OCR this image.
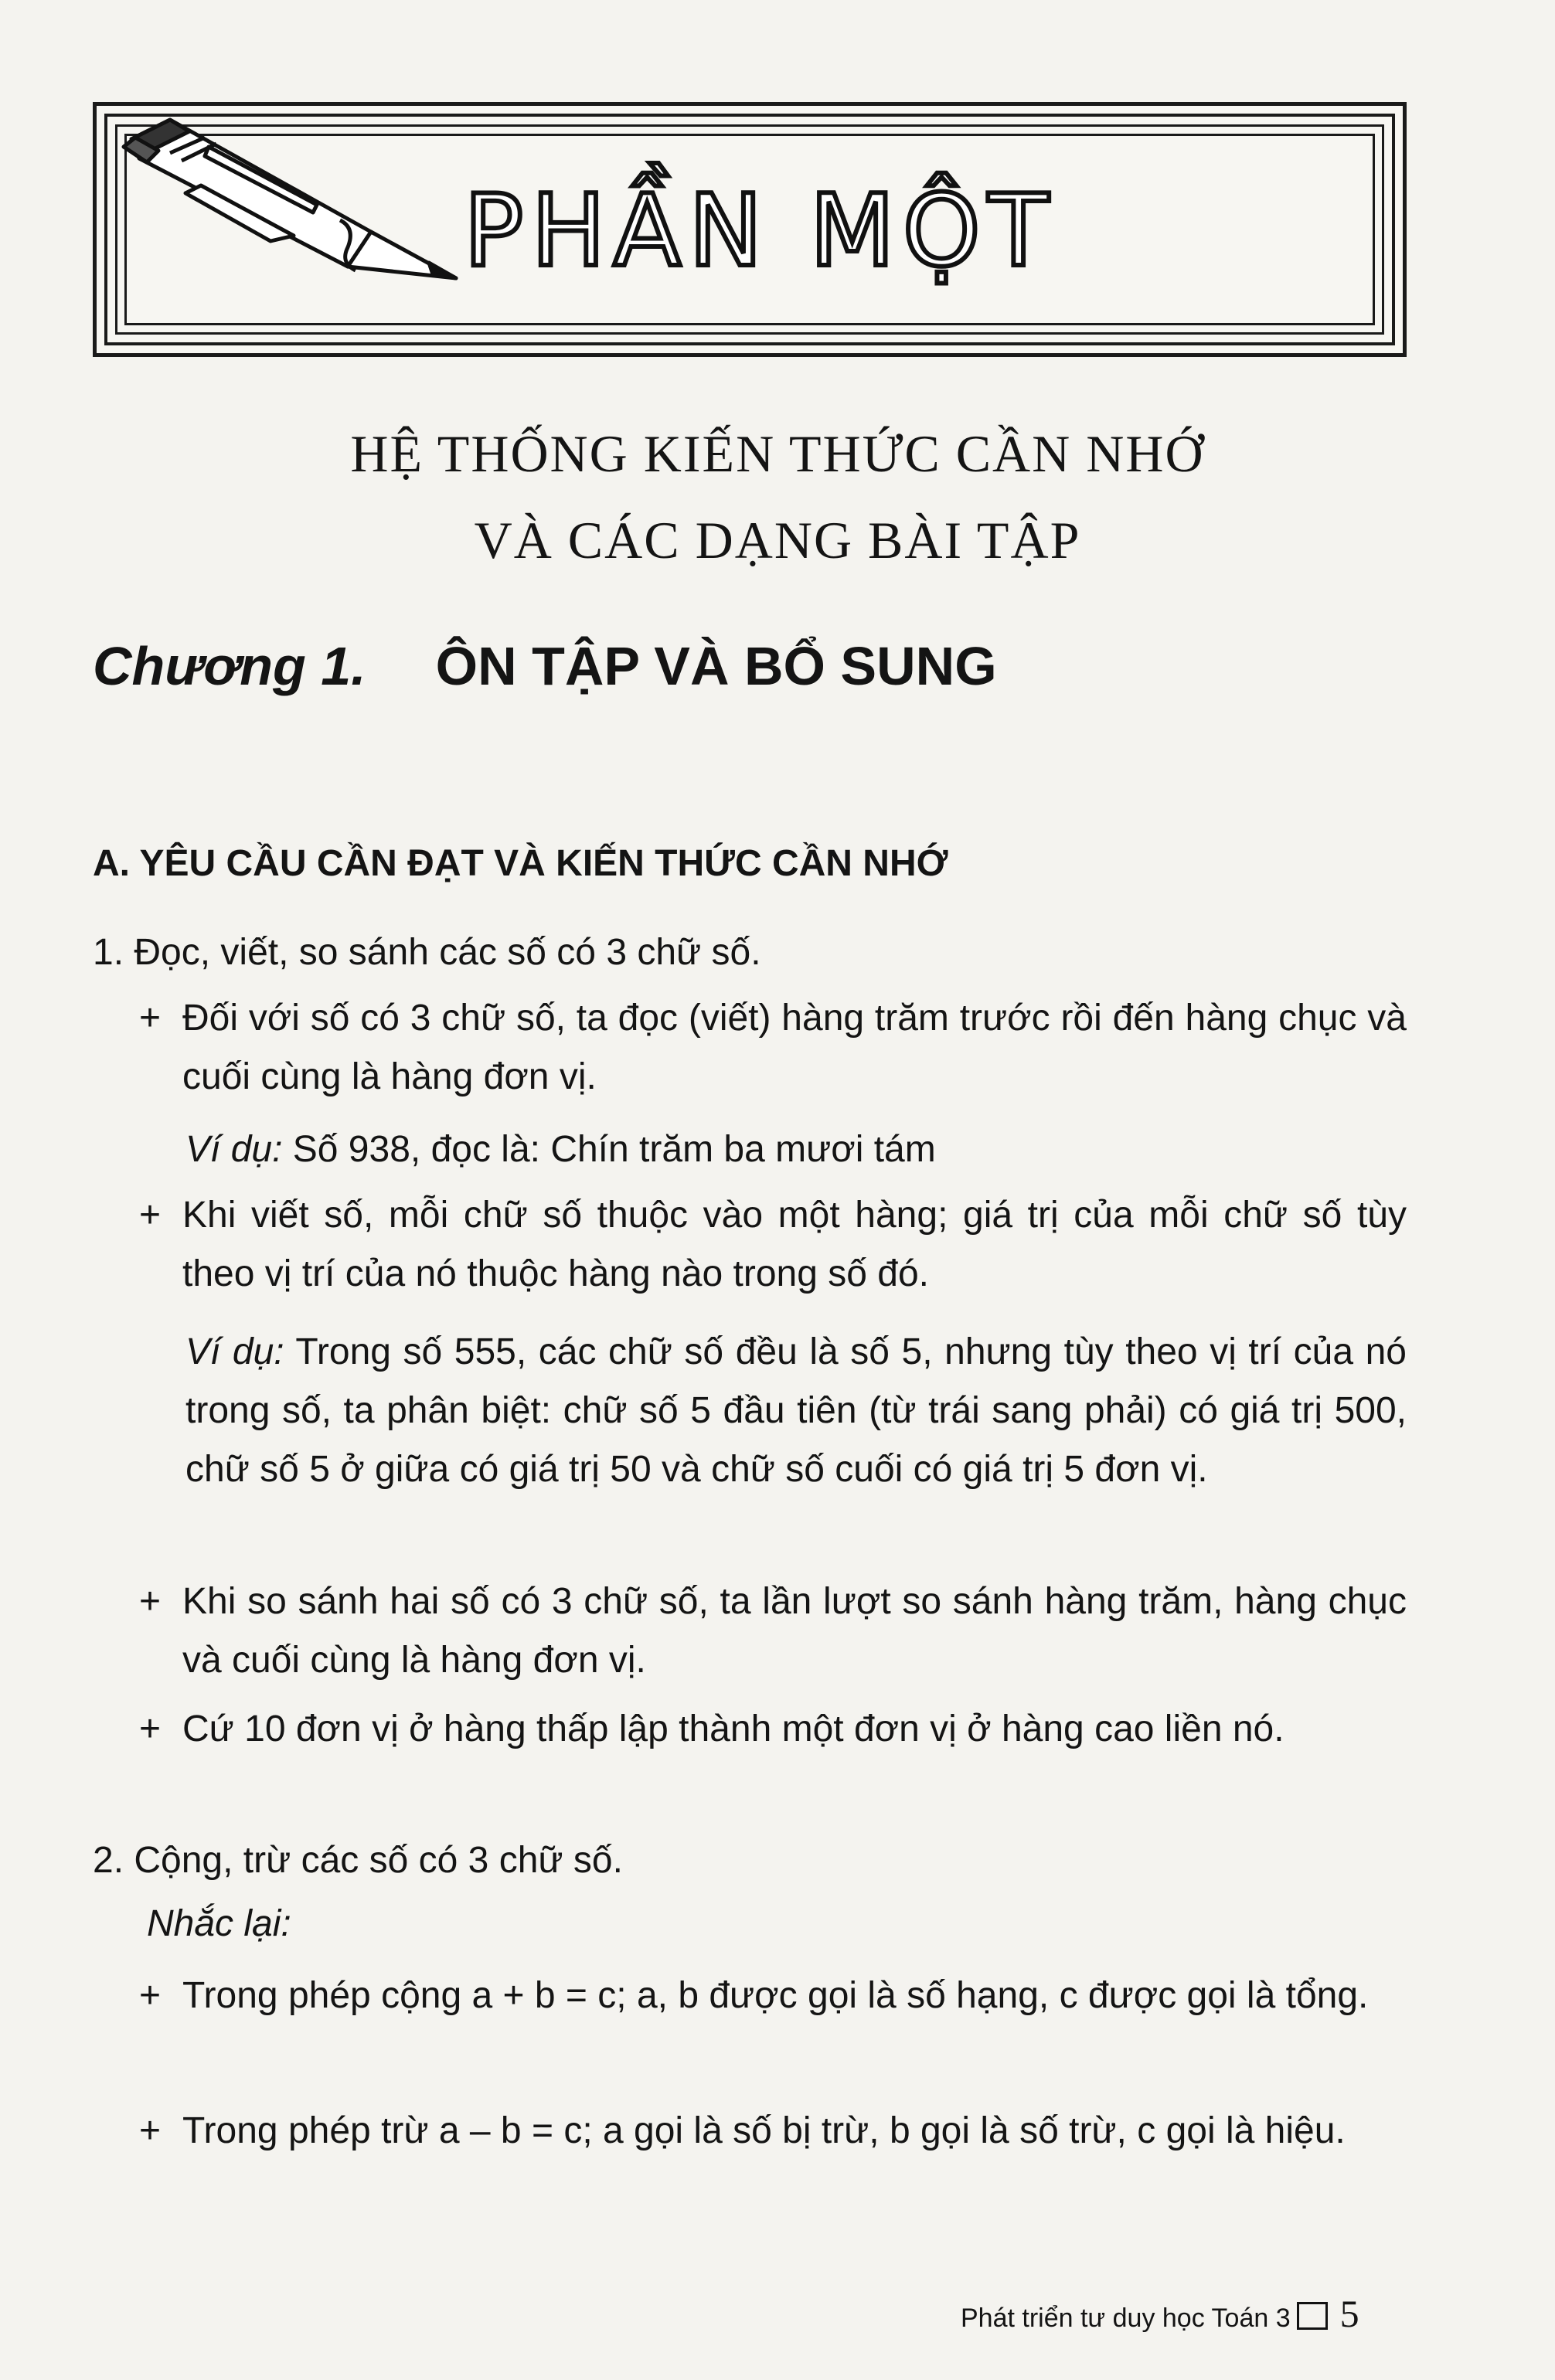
PHẦN MỘT
HỆ THỐNG KIẾN THỨC CẦN NHỚ
VÀ CÁC DẠNG BÀI TẬP
Chương 1. ÔN TẬP VÀ BỔ SUNG
A. YÊU CẦU CẦN ĐẠT VÀ KIẾN THỨC CẦN NHỚ
1. Đọc, viết, so sánh các số có 3 chữ số.
+ Đối với số có 3 chữ số, ta đọc (viết) hàng trăm trước rồi đến hàng chục và cuối cùng là hàng đơn vị.
Ví dụ: Số 938, đọc là: Chín trăm ba mươi tám
+ Khi viết số, mỗi chữ số thuộc vào một hàng; giá trị của mỗi chữ số tùy theo vị trí của nó thuộc hàng nào trong số đó.
Ví dụ: Trong số 555, các chữ số đều là số 5, nhưng tùy theo vị trí của nó trong số, ta phân biệt: chữ số 5 đầu tiên (từ trái sang phải) có giá trị 500, chữ số 5 ở giữa có giá trị 50 và chữ số cuối có giá trị 5 đơn vị.
+ Khi so sánh hai số có 3 chữ số, ta lần lượt so sánh hàng trăm, hàng chục và cuối cùng là hàng đơn vị.
+ Cứ 10 đơn vị ở hàng thấp lập thành một đơn vị ở hàng cao liền nó.
2. Cộng, trừ các số có 3 chữ số.
Nhắc lại:
+ Trong phép cộng a + b = c; a, b được gọi là số hạng, c được gọi là tổng.
+ Trong phép trừ a – b = c; a gọi là số bị trừ, b gọi là số trừ, c gọi là hiệu.
Phát triển tư duy học Toán 3 5
